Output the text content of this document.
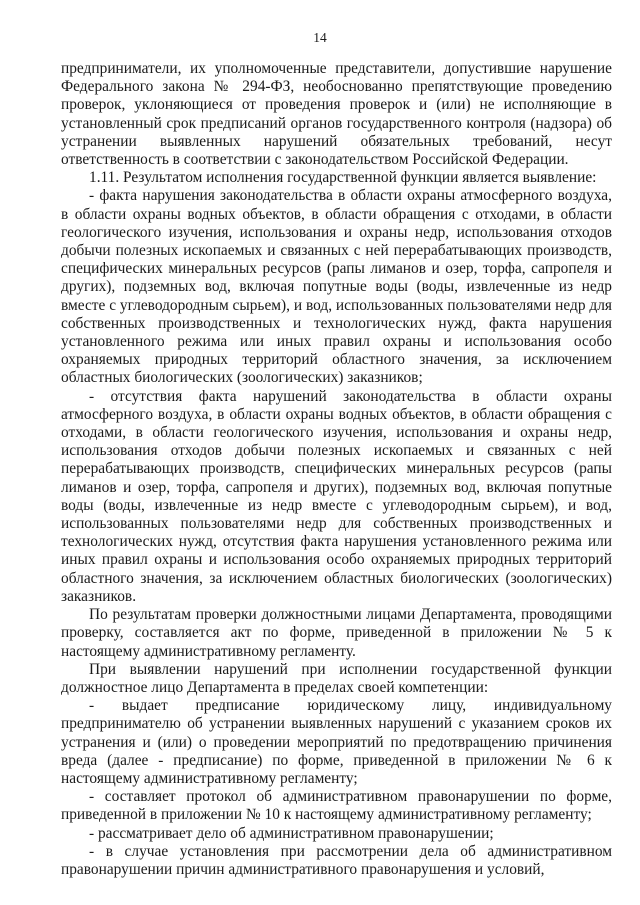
14

предприниматели, их уполномоченные представители, допустившие нарушение Федерального закона № 294-ФЗ, необоснованно препятствующие проведению проверок, уклоняющиеся от проведения проверок и (или) не исполняющие в установленный срок предписаний органов государственного контроля (надзора) об устранении выявленных нарушений обязательных требований, несут ответственность в соответствии с законодательством Российской Федерации.

1.11. Результатом исполнения государственной функции является выявление:

- факта нарушения законодательства в области охраны атмосферного воздуха, в области охраны водных объектов, в области обращения с отходами, в области геологического изучения, использования и охраны недр, использования отходов добычи полезных ископаемых и связанных с ней перерабатывающих производств, специфических минеральных ресурсов (рапы лиманов и озер, торфа, сапропеля и других), подземных вод, включая попутные воды (воды, извлеченные из недр вместе с углеводородным сырьем), и вод, использованных пользователями недр для собственных производственных и технологических нужд, факта нарушения установленного режима или иных правил охраны и использования особо охраняемых природных территорий областного значения, за исключением областных биологических (зоологических) заказников;

- отсутствия факта нарушений законодательства в области охраны атмосферного воздуха, в области охраны водных объектов, в области обращения с отходами, в области геологического изучения, использования и охраны недр, использования отходов добычи полезных ископаемых и связанных с ней перерабатывающих производств, специфических минеральных ресурсов (рапы лиманов и озер, торфа, сапропеля и других), подземных вод, включая попутные воды (воды, извлеченные из недр вместе с углеводородным сырьем), и вод, использованных пользователями недр для собственных производственных и технологических нужд, отсутствия факта нарушения установленного режима или иных правил охраны и использования особо охраняемых природных территорий областного значения, за исключением областных биологических (зоологических) заказников.

По результатам проверки должностными лицами Департамента, проводящими проверку, составляется акт по форме, приведенной в приложении № 5 к настоящему административному регламенту.

При выявлении нарушений при исполнении государственной функции должностное лицо Департамента в пределах своей компетенции:

- выдает предписание юридическому лицу, индивидуальному предпринимателю об устранении выявленных нарушений с указанием сроков их устранения и (или) о проведении мероприятий по предотвращению причинения вреда (далее - предписание) по форме, приведенной в приложении № 6 к настоящему административному регламенту;

- составляет протокол об административном правонарушении по форме, приведенной в приложении № 10 к настоящему административному регламенту;

- рассматривает дело об административном правонарушении;

- в случае установления при рассмотрении дела об административном правонарушении причин административного правонарушения и условий,
